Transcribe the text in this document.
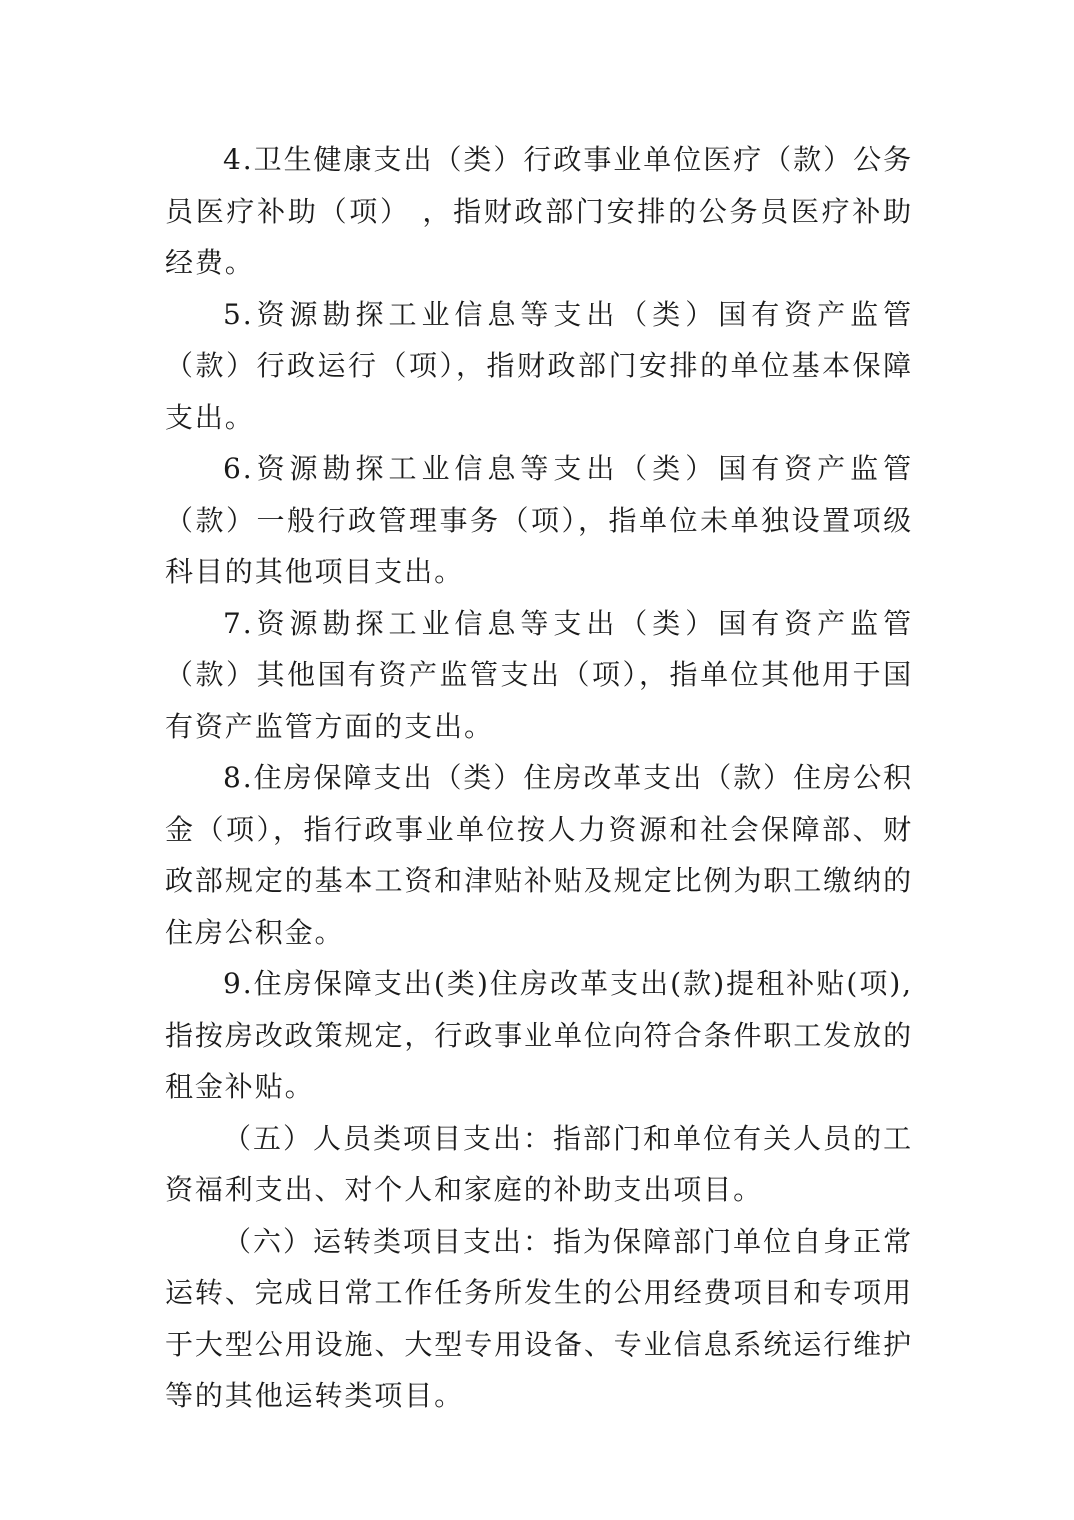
4.卫生健康支出（类）行政事业单位医疗（款）公务员医疗补助（项） ，指财政部门安排的公务员医疗补助经费。

5.资源勘探工业信息等支出（类）国有资产监管（款）行政运行（项），指财政部门安排的单位基本保障支出。

6.资源勘探工业信息等支出（类）国有资产监管（款）一般行政管理事务（项），指单位未单独设置项级科目的其他项目支出。

7.资源勘探工业信息等支出（类）国有资产监管（款）其他国有资产监管支出（项），指单位其他用于国有资产监管方面的支出。

8.住房保障支出（类）住房改革支出（款）住房公积金（项），指行政事业单位按人力资源和社会保障部、财政部规定的基本工资和津贴补贴及规定比例为职工缴纳的住房公积金。

9.住房保障支出(类)住房改革支出(款)提租补贴(项),指按房改政策规定，行政事业单位向符合条件职工发放的租金补贴。

（五）人员类项目支出：指部门和单位有关人员的工资福利支出、对个人和家庭的补助支出项目。

（六）运转类项目支出：指为保障部门单位自身正常运转、完成日常工作任务所发生的公用经费项目和专项用于大型公用设施、大型专用设备、专业信息系统运行维护等的其他运转类项目。
